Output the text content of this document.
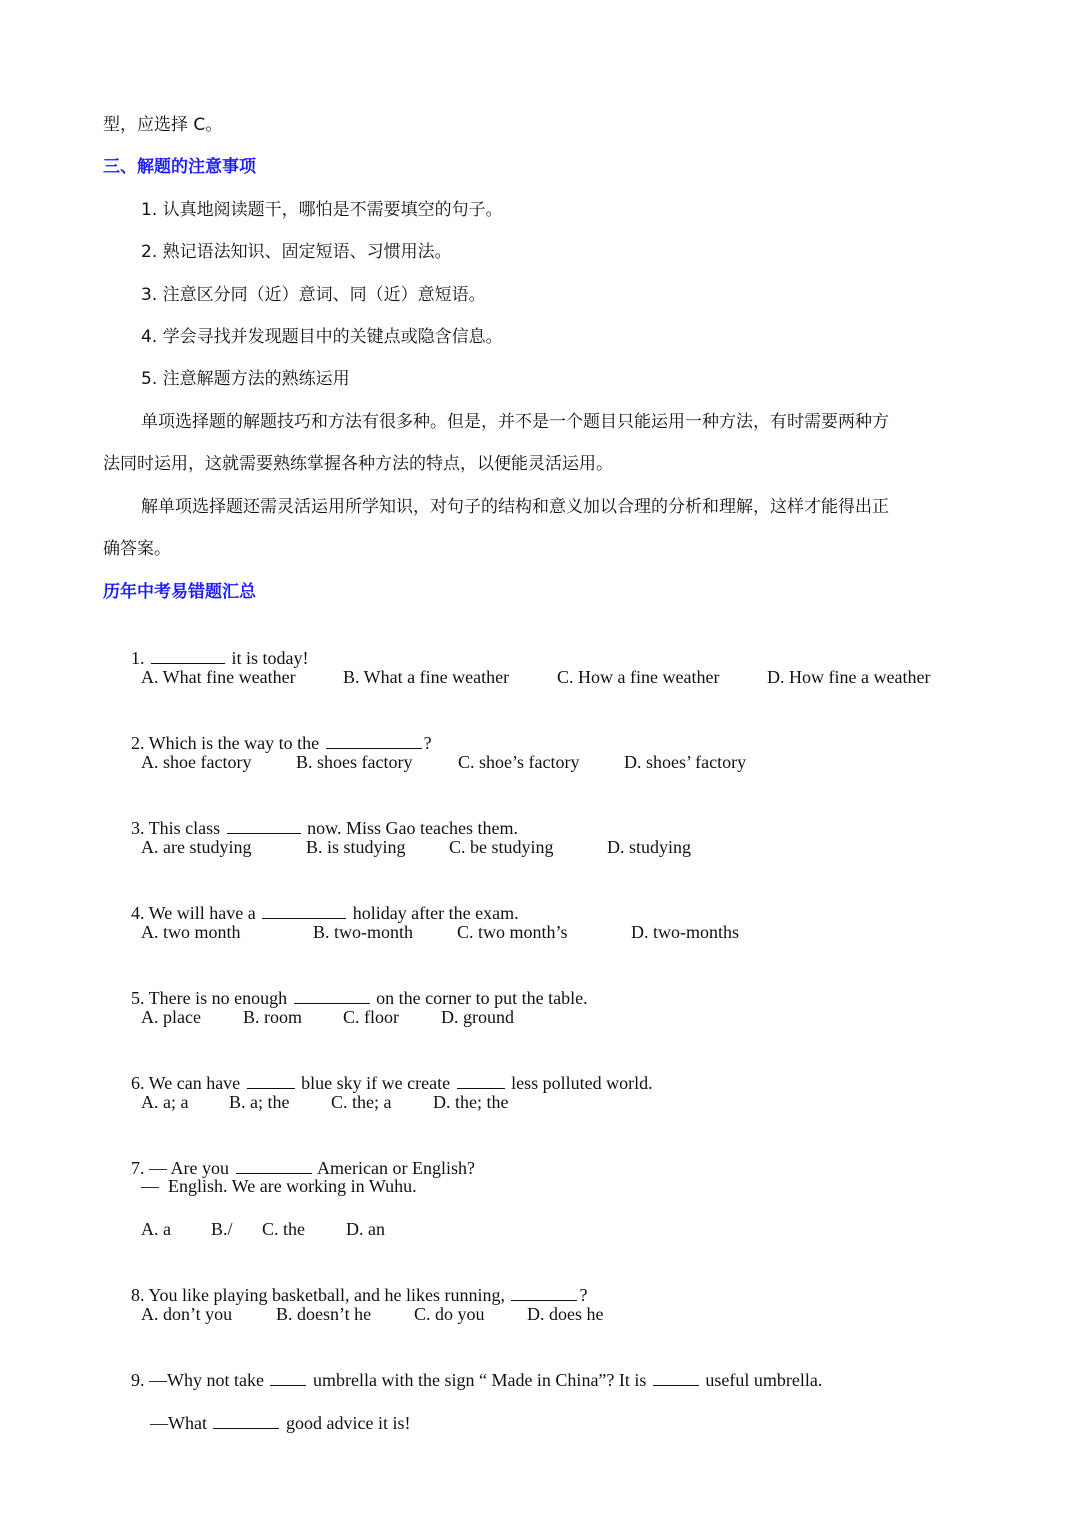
型，应选择 C。
三、解题的注意事项
1. 认真地阅读题干，哪怕是不需要填空的句子。
2. 熟记语法知识、固定短语、习惯用法。
3. 注意区分同（近）意词、同（近）意短语。
4. 学会寻找并发现题目中的关键点或隐含信息。
5. 注意解题方法的熟练运用
单项选择题的解题技巧和方法有很多种。但是，并不是一个题目只能运用一种方法，有时需要两种方
法同时运用，这就需要熟练掌握各种方法的特点，以便能灵活运用。
解单项选择题还需灵活运用所学知识，对句子的结构和意义加以合理的分析和理解，这样才能得出正
确答案。
历年中考易错题汇总

1.	it is today!

A. What fine weather	B. What a fine weather	C. How a fine weather	D. How fine a weather

2. Which is the way to the	?

A. shoe factory B. shoes factory	C. shoe’s factory D. shoes’ factory

3. This class	now. Miss Gao teaches them.

A. are studying	B. is studying C. be studying	D. studying

4. We will have a	holiday after the exam.

A. two month	B. two-month C. two month’s	D. two-months

5. There is no enough	on the corner to put the table.

A. place B. room C. floor D. ground

6. We can have	blue sky if we create	less polluted world.

A. a; a B. a; the C. the; a D. the; the

7. — Are you	American or English?

—  English. We are working in Wuhu.
A. a B./ C. the D. an

8. You like playing basketball, and he likes running,	?

A. don’t you B. doesn’t he C. do you D. does he

9. —Why not take  umbrella with the sign “ Made in China”? It is	useful umbrella.

—What	good advice it is!
